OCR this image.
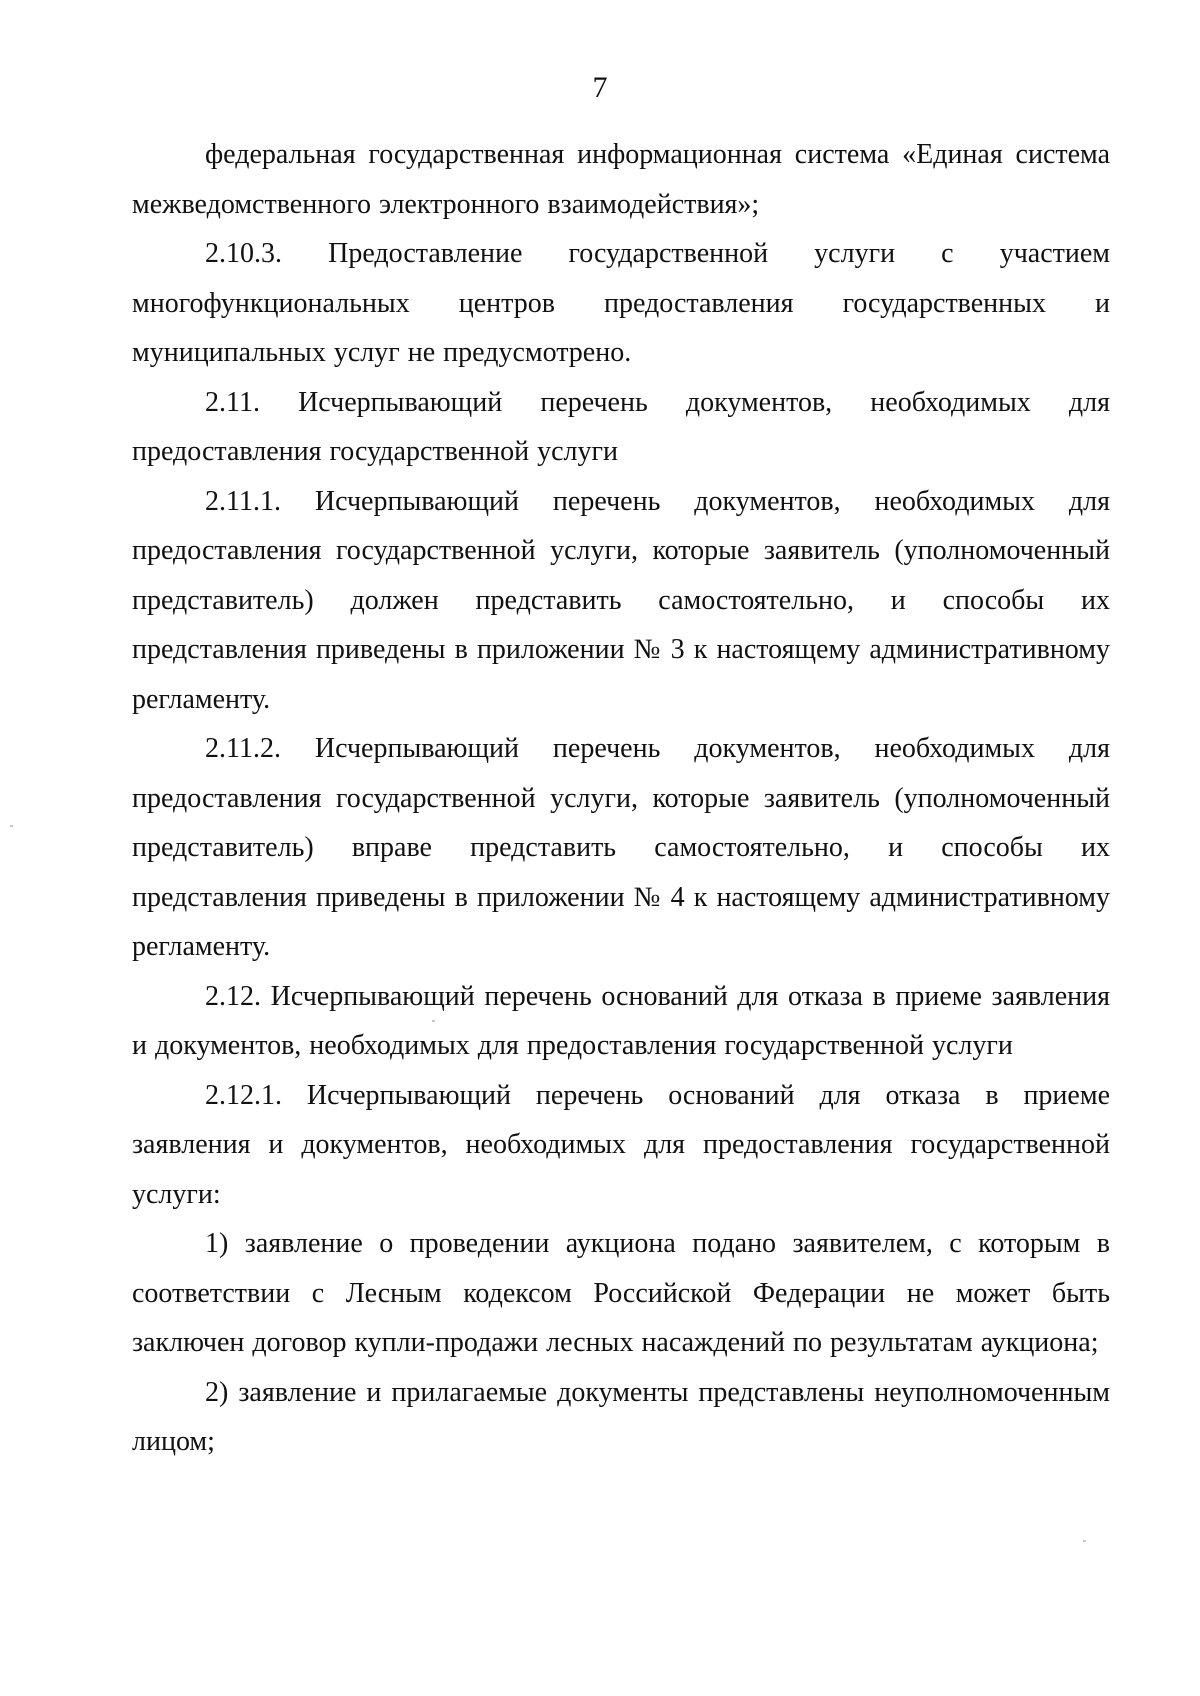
7

федеральная государственная информационная система «Единая система межведомственного электронного взаимодействия»;

2.10.3. Предоставление государственной услуги с участием многофункциональных центров предоставления государственных и муниципальных услуг не предусмотрено.

2.11. Исчерпывающий перечень документов, необходимых для предоставления государственной услуги

2.11.1. Исчерпывающий перечень документов, необходимых для предоставления государственной услуги, которые заявитель (уполномоченный представитель) должен представить самостоятельно, и способы их представления приведены в приложении № 3 к настоящему административному регламенту.

2.11.2. Исчерпывающий перечень документов, необходимых для предоставления государственной услуги, которые заявитель (уполномоченный представитель) вправе представить самостоятельно, и способы их представления приведены в приложении № 4 к настоящему административному регламенту.

2.12. Исчерпывающий перечень оснований для отказа в приеме заявления и документов, необходимых для предоставления государственной услуги

2.12.1. Исчерпывающий перечень оснований для отказа в приеме заявления и документов, необходимых для предоставления государственной услуги:

1) заявление о проведении аукциона подано заявителем, с которым в соответствии с Лесным кодексом Российской Федерации не может быть заключен договор купли-продажи лесных насаждений по результатам аукциона;

2) заявление и прилагаемые документы представлены неуполномоченным лицом;
